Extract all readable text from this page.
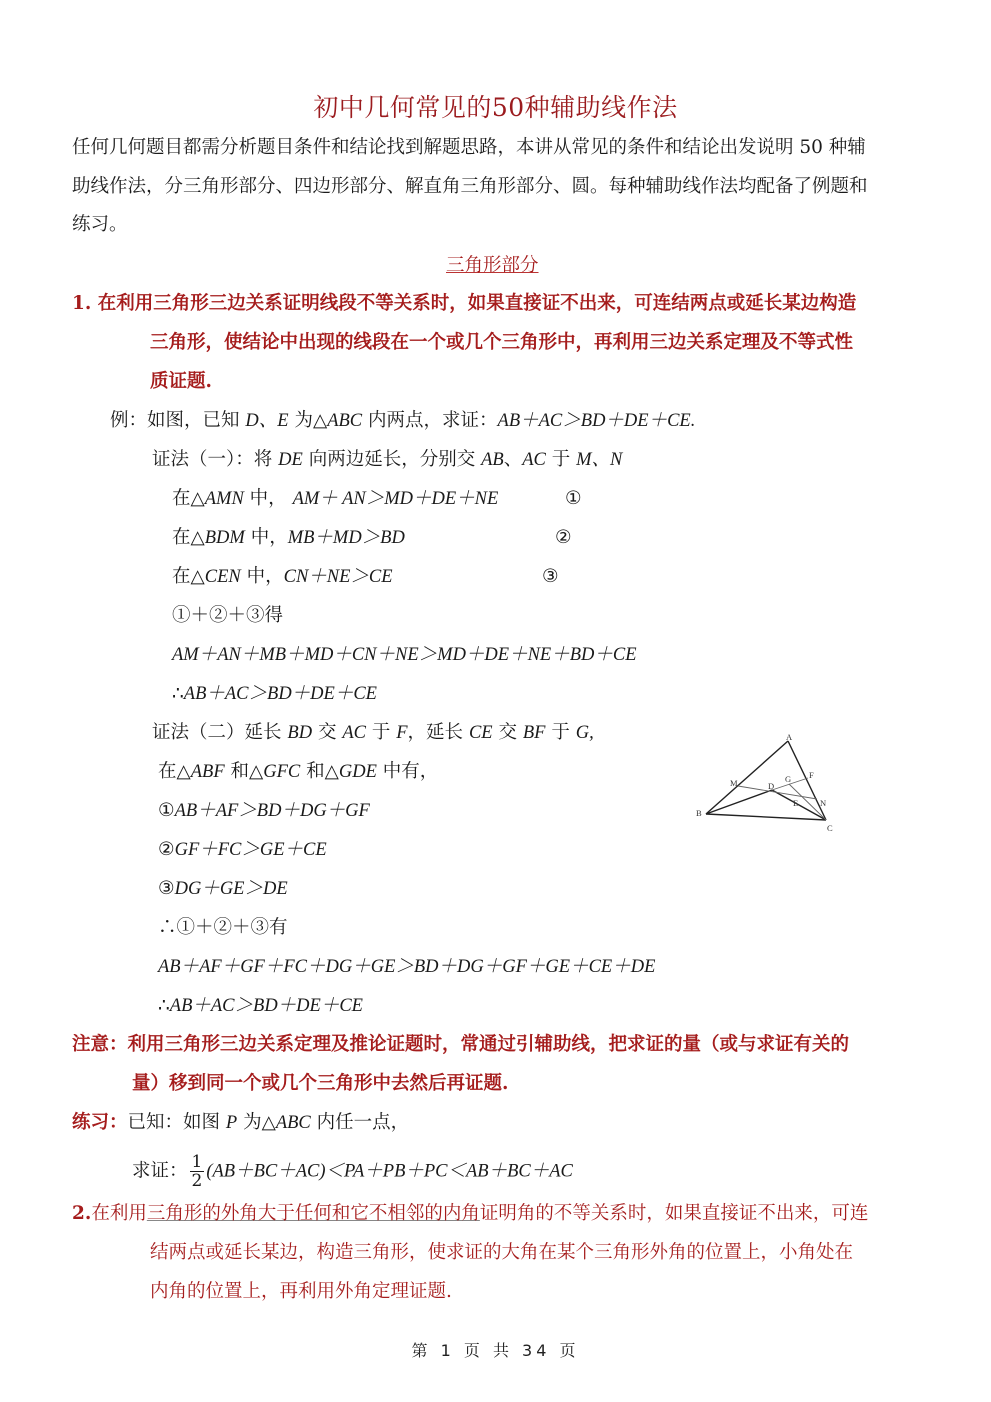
初中几何常见的50种辅助线作法
任何几何题目都需分析题目条件和结论找到解题思路，本讲从常见的条件和结论出发说明 50 种辅
助线作法，分三角形部分、四边形部分、解直角三角形部分、圆。每种辅助线作法均配备了例题和
练习。
三角形部分
1. 在利用三角形三边关系证明线段不等关系时，如果直接证不出来，可连结两点或延长某边构造
三角形，使结论中出现的线段在一个或几个三角形中，再利用三边关系定理及不等式性
质证题.
例：如图，已知 D、E 为△ABC 内两点，求证：AB＋AC＞BD＋DE＋CE.
证法（一）：将 DE 向两边延长，分别交 AB、AC 于 M、N
在△AMN 中， AM＋ AN＞MD＋DE＋NE	①
在△BDM 中，MB＋MD＞BD	②
在△CEN 中，CN＋NE＞CE	③
①＋②＋③得
AM＋AN＋MB＋MD＋CN＋NE＞MD＋DE＋NE＋BD＋CE
∴AB＋AC＞BD＋DE＋CE
证法（二）延长 BD 交 AC 于 F，延长 CE 交 BF 于 G,
在△ABF 和△GFC 和△GDE 中有，
①AB＋AF＞BD＋DG＋GF
②GF＋FC＞GE＋CE
③DG＋GE＞DE
∴①＋②＋③有
AB＋AF＋GF＋FC＋DG＋GE＞BD＋DG＋GF＋GE＋CE＋DE
∴AB＋AC＞BD＋DE＋CE
A
B
C
M
N
D
G F
E
注意：利用三角形三边关系定理及推论证题时，常通过引辅助线，把求证的量（或与求证有关的
量）移到同一个或几个三角形中去然后再证题.
练习：已知：如图 P 为△ABC 内任一点，
求证： $\frac{1}{2} (AB+BC+AC)<PA+PB+PC<AB+BC+AC$
2.在利用三角形的外角大于任何和它不相邻的内角证明角的不等关系时，如果直接证不出来，可连
结两点或延长某边，构造三角形，使求证的大角在某个三角形外角的位置上，小角处在
内角的位置上，再利用外角定理证题.
第 1 页 共 34 页
